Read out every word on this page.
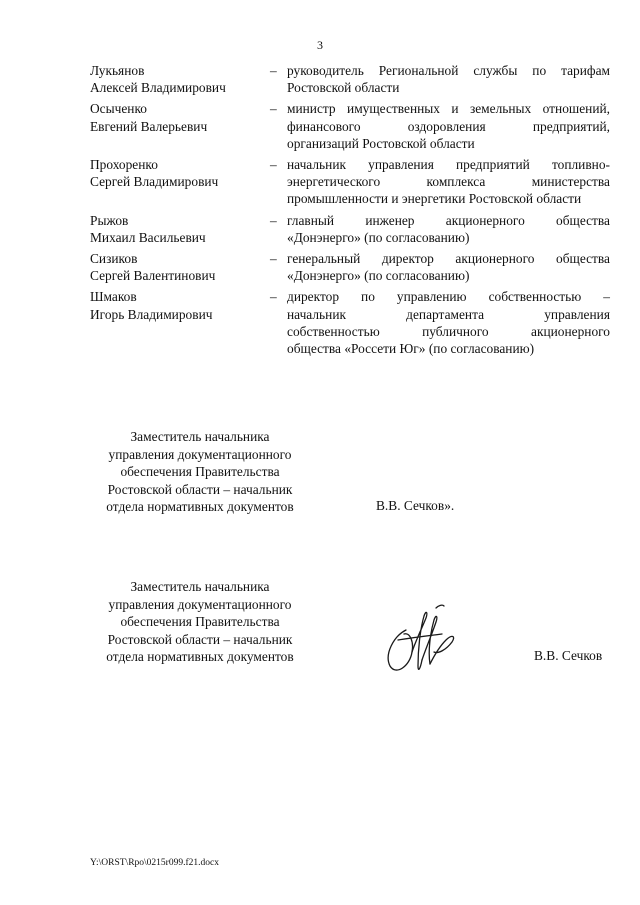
3
Лукьянов
Алексей Владимирович
– руководитель Региональной службы по тарифам
Ростовской области
Осыченко
Евгений Валерьевич
– министр имущественных и земельных отношений,
финансового оздоровления предприятий,
организаций Ростовской области
Прохоренко
Сергей Владимирович
– начальник управления предприятий топливно-
энергетического комплекса министерства
промышленности и энергетики Ростовской области
Рыжов
Михаил Васильевич
– главный инженер акционерного общества
«Донэнерго» (по согласованию)
Сизиков
Сергей Валентинович
– генеральный директор акционерного общества
«Донэнерго» (по согласованию)
Шмаков
Игорь Владимирович
– директор по управлению собственностью –
начальник департамента управления
собственностью публичного акционерного
общества «Россети Юг» (по согласованию)
Заместитель начальника
управления документационного
обеспечения Правительства
Ростовской области – начальник
отдела нормативных документов	В.В. Сечков».
Заместитель начальника
управления документационного
обеспечения Правительства
Ростовской области – начальник
отдела нормативных документов	В.В. Сечков
Y:\ORST\Rpo\0215r099.f21.docx
